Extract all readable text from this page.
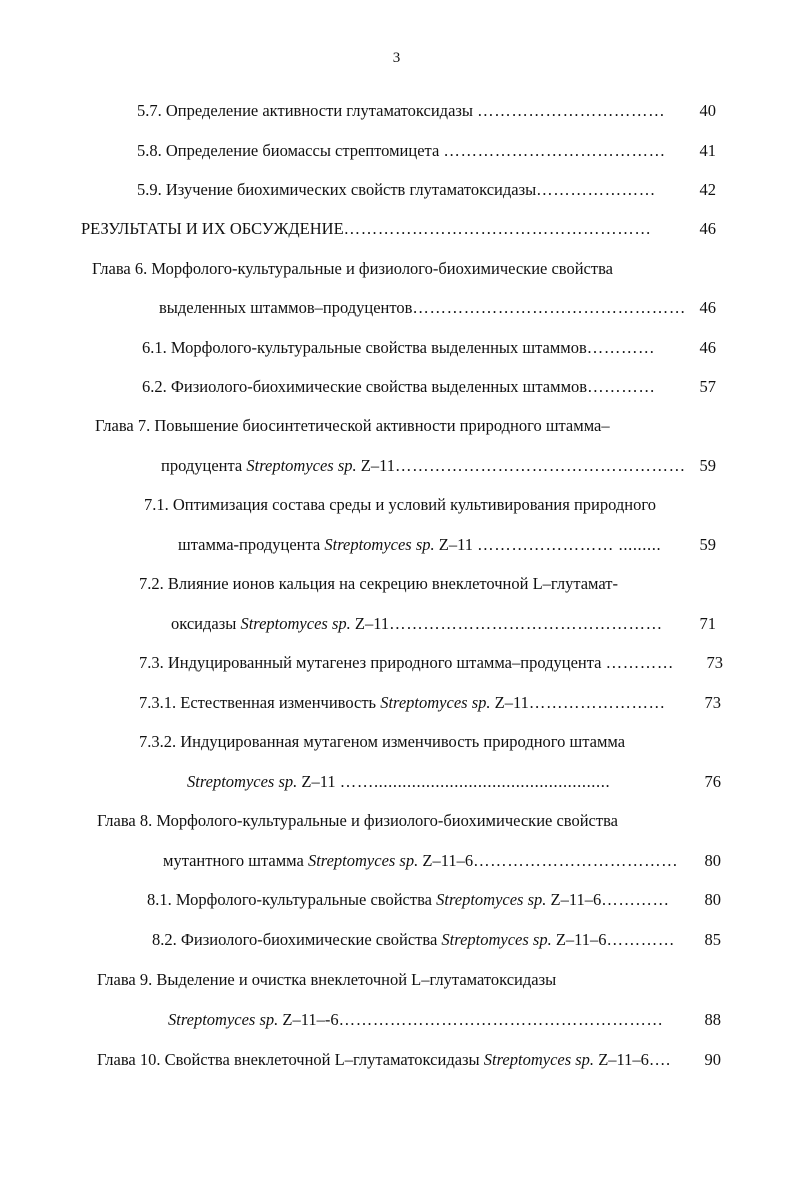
3
5.7. Определение активности глутаматоксидазы …………………………… 40
5.8. Определение биомассы стрептомицета ………………………………… 41
5.9. Изучение биохимических свойств глутаматоксидазы…………………	42
РЕЗУЛЬТАТЫ И ИХ ОБСУЖДЕНИЕ………………………………………………	46
Глава 6. Морфолого-культуральные и физиолого-биохимические свойства
выделенных штаммов–продуцентов………………………………………… 46
6.1. Морфолого-культуральные свойства выделенных штаммов…………	46
6.2. Физиолого-биохимические свойства выделенных штаммов…………	57
Глава 7. Повышение биосинтетической активности природного штамма–
продуцента Streptomyces sp. Z–11…………………………………………… 59
7.1. Оптимизация состава среды и условий культивирования природного
штамма-продуцента Streptomyces sp. Z–11 …………………… ......... 59
7.2. Влияние ионов кальция на секрецию внеклеточной L–глутамат-
оксидазы Streptomyces sp. Z–11………………………………………… 71
7.3. Индуцированный мутагенез природного штамма–продуцента ………… 73
7.3.1. Естественная изменчивость Streptomyces sp. Z–11…………………… 73
7.3.2. Индуцированная мутагеном изменчивость природного штамма
Streptomyces sp. Z–11 ……..................................................	76
Глава 8. Морфолого-культуральные и физиолого-биохимические свойства
мутантного штамма Streptomyces sp. Z–11–6……………………………… 80
8.1. Морфолого-культуральные свойства Streptomyces sp. Z–11–6………… 80
8.2. Физиолого-биохимические свойства Streptomyces sp. Z–11–6………… 85
Глава 9. Выделение и очистка внеклеточной L–глутаматоксидазы
Streptomyces sp. Z–11–-6………………………………………………… 88
Глава 10. Свойства внеклеточной L–глутаматоксидазы Streptomyces sp. Z–11–6…. 90
